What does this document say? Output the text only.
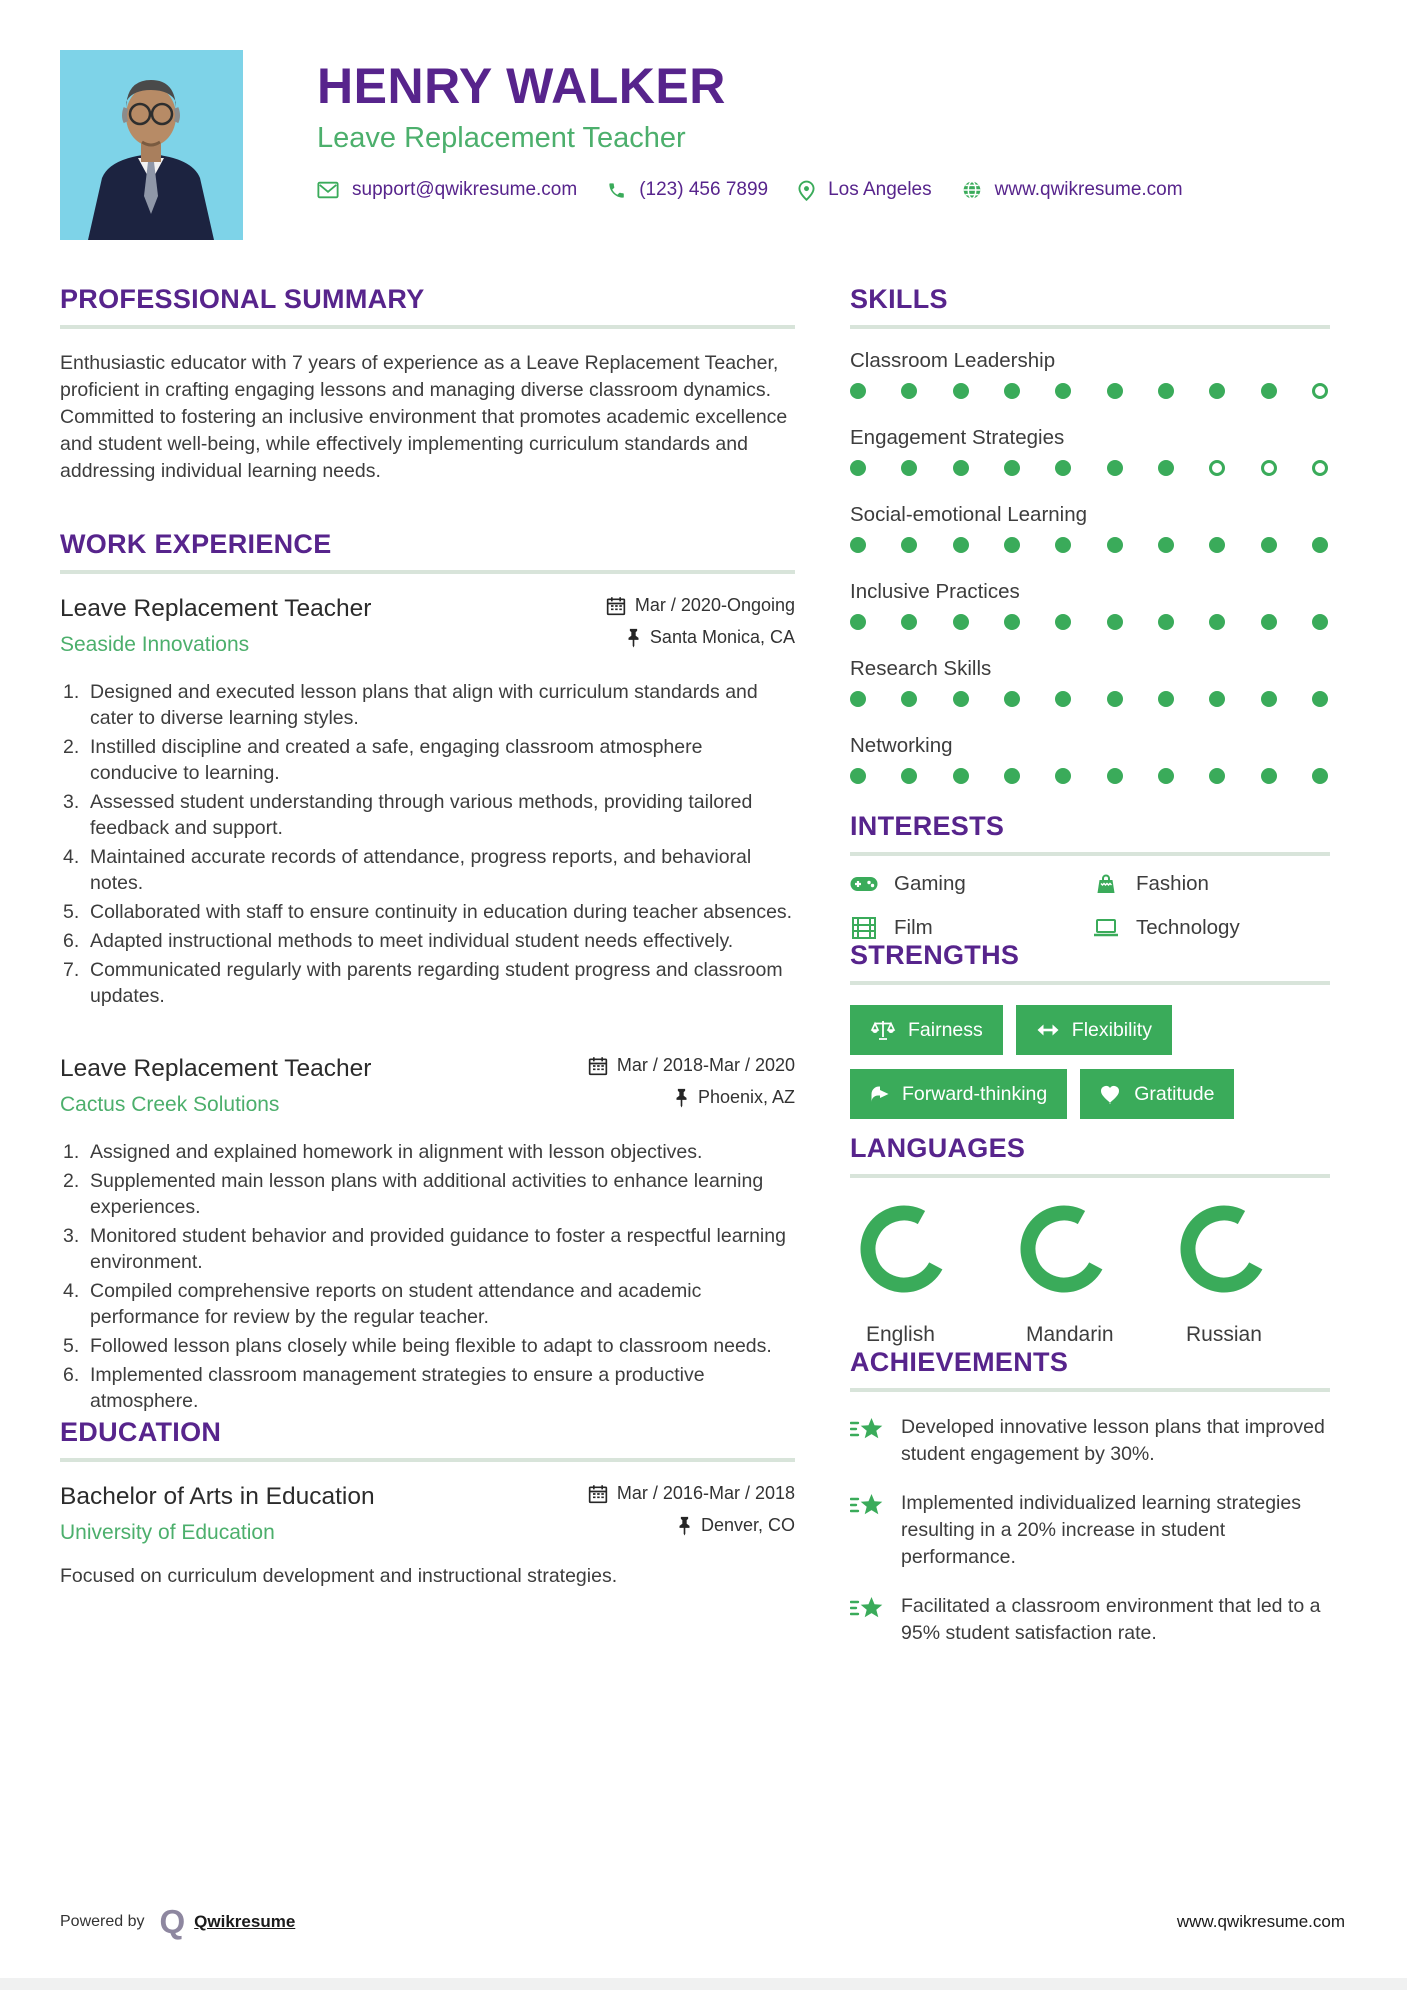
HENRY WALKER
Leave Replacement Teacher
support@qwikresume.com	(123) 456 7899	Los Angeles	www.qwikresume.com
PROFESSIONAL SUMMARY
Enthusiastic educator with 7 years of experience as a Leave Replacement Teacher, proficient in crafting engaging lessons and managing diverse classroom dynamics. Committed to fostering an inclusive environment that promotes academic excellence and student well-being, while effectively implementing curriculum standards and addressing individual learning needs.
WORK EXPERIENCE
Leave Replacement Teacher
Seaside Innovations
Mar / 2020-Ongoing
Santa Monica, CA
Designed and executed lesson plans that align with curriculum standards and cater to diverse learning styles.
Instilled discipline and created a safe, engaging classroom atmosphere conducive to learning.
Assessed student understanding through various methods, providing tailored feedback and support.
Maintained accurate records of attendance, progress reports, and behavioral notes.
Collaborated with staff to ensure continuity in education during teacher absences.
Adapted instructional methods to meet individual student needs effectively.
Communicated regularly with parents regarding student progress and classroom updates.
Leave Replacement Teacher
Cactus Creek Solutions
Mar / 2018-Mar / 2020
Phoenix, AZ
Assigned and explained homework in alignment with lesson objectives.
Supplemented main lesson plans with additional activities to enhance learning experiences.
Monitored student behavior and provided guidance to foster a respectful learning environment.
Compiled comprehensive reports on student attendance and academic performance for review by the regular teacher.
Followed lesson plans closely while being flexible to adapt to classroom needs.
Implemented classroom management strategies to ensure a productive atmosphere.
EDUCATION
Bachelor of Arts in Education
University of Education
Mar / 2016-Mar / 2018
Denver, CO
Focused on curriculum development and instructional strategies.
SKILLS
Classroom Leadership
Engagement Strategies
Social-emotional Learning
Inclusive Practices
Research Skills
Networking
INTERESTS
Gaming	Fashion
Film	Technology
STRENGTHS
Fairness	Flexibility
Forward-thinking	Gratitude
LANGUAGES
English	Mandarin	Russian
ACHIEVEMENTS
Developed innovative lesson plans that improved student engagement by 30%.
Implemented individualized learning strategies resulting in a 20% increase in student performance.
Facilitated a classroom environment that led to a 95% student satisfaction rate.
Powered by Q Qwikresume	www.qwikresume.com
